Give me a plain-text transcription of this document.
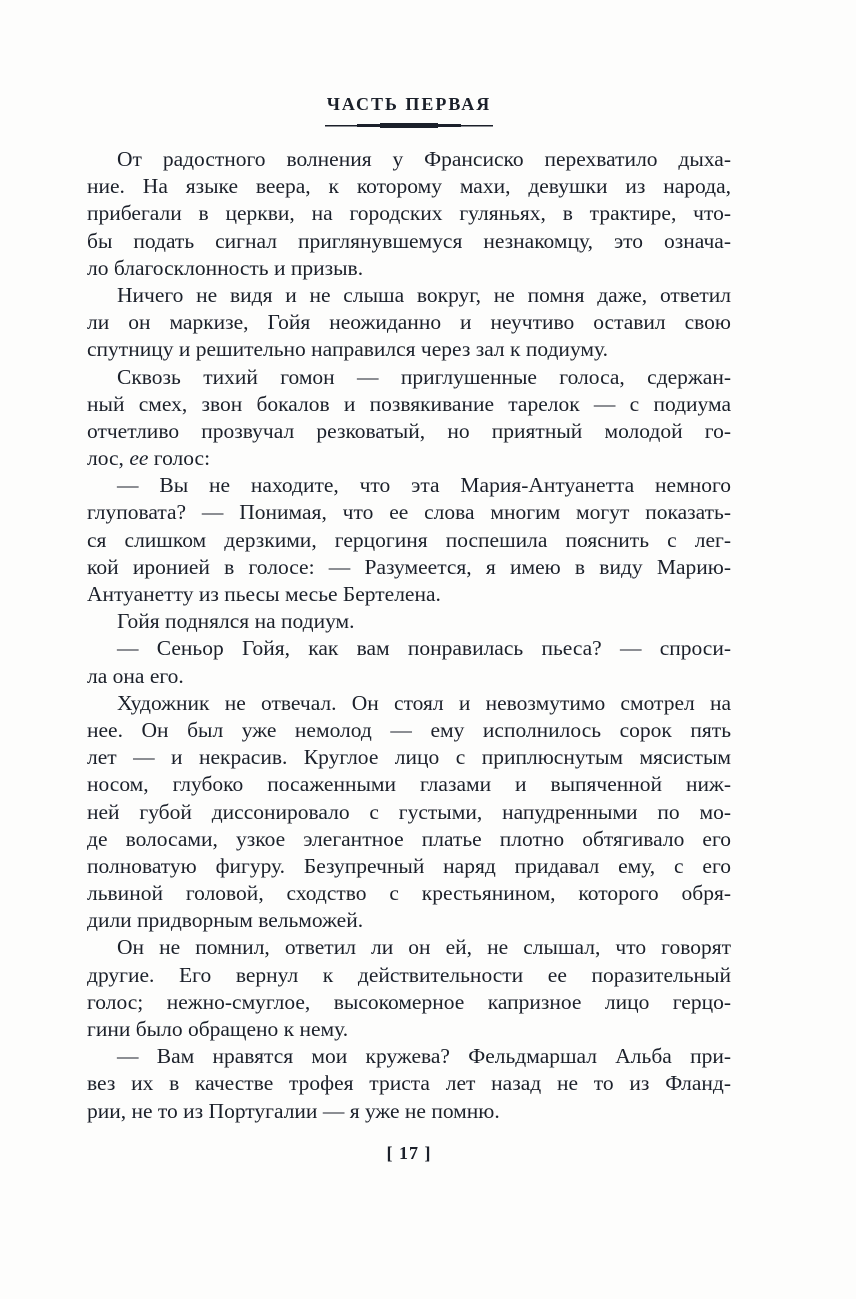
ЧАСТЬ ПЕРВАЯ

От радостного волнения у Франсиско перехватило дыха-
ние. На языке веера, к которому махи, девушки из народа,
прибегали в церкви, на городских гуляньях, в трактире, что-
бы подать сигнал приглянувшемуся незнакомцу, это означа-
ло благосклонность и призыв.

Ничего не видя и не слыша вокруг, не помня даже, ответил
ли он маркизе, Гойя неожиданно и неучтиво оставил свою
спутницу и решительно направился через зал к подиуму.

Сквозь тихий гомон — приглушенные голоса, сдержан-
ный смех, звон бокалов и позвякивание тарелок — с подиума
отчетливо прозвучал резковатый, но приятный молодой го-
лос, ее голос:

— Вы не находите, что эта Мария-Антуанетта немного
глуповата? — Понимая, что ее слова многим могут показать-
ся слишком дерзкими, герцогиня поспешила пояснить с лег-
кой иронией в голосе: — Разумеется, я имею в виду Марию-
Антуанетту из пьесы месье Бертелена.

Гойя поднялся на подиум.

— Сеньор Гойя, как вам понравилась пьеса? — спроси-
ла она его.

Художник не отвечал. Он стоял и невозмутимо смотрел на
нее. Он был уже немолод — ему исполнилось сорок пять
лет — и некрасив. Круглое лицо с приплюснутым мясистым
носом, глубоко посаженными глазами и выпяченной ниж-
ней губой диссонировало с густыми, напудренными по мо-
де волосами, узкое элегантное платье плотно обтягивало его
полноватую фигуру. Безупречный наряд придавал ему, с его
львиной головой, сходство с крестьянином, которого обря-
дили придворным вельможей.

Он не помнил, ответил ли он ей, не слышал, что говорят
другие. Его вернул к действительности ее поразительный
голос; нежно-смуглое, высокомерное капризное лицо герцо-
гини было обращено к нему.

— Вам нравятся мои кружева? Фельдмаршал Альба при-
вез их в качестве трофея триста лет назад не то из Фланд-
рии, не то из Португалии — я уже не помню.

[ 17 ]
